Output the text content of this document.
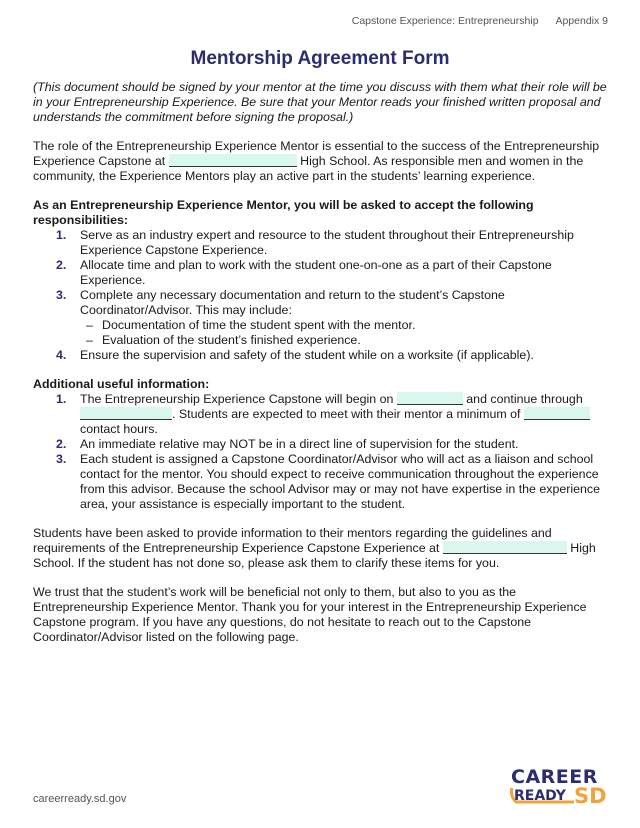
Capstone Experience: Entrepreneurship Appendix 9
Mentorship Agreement Form

(This document should be signed by your mentor at the time you discuss with them what their role will be in your Entrepreneurship Experience. Be sure that your Mentor reads your finished written proposal and understands the commitment before signing the proposal.)

The role of the Entrepreneurship Experience Mentor is essential to the success of the Entrepreneurship Experience Capstone at	High School. As responsible men and women in the community, the Experience Mentors play an active part in the students’ learning experience.

As an Entrepreneurship Experience Mentor, you will be asked to accept the following responsibilities:
1. Serve as an industry expert and resource to the student throughout their Entrepreneurship Experience Capstone Experience.
2. Allocate time and plan to work with the student one-on-one as a part of their Capstone Experience.
3. Complete any necessary documentation and return to the student’s Capstone Coordinator/Advisor. This may include:
– Documentation of time the student spent with the mentor.
– Evaluation of the student’s finished experience.
4. Ensure the supervision and safety of the student while on a worksite (if applicable).
Additional useful information:
1. The Entrepreneurship Experience Capstone will begin on	and continue through . Students are expected to meet with their mentor a minimum of contact hours.
2. An immediate relative may NOT be in a direct line of supervision for the student.
3. Each student is assigned a Capstone Coordinator/Advisor who will act as a liaison and school contact for the mentor. You should expect to receive communication throughout the experience from this advisor. Because the school Advisor may or may not have expertise in the experience area, your assistance is especially important to the student.

Students have been asked to provide information to their mentors regarding the guidelines and requirements of the Entrepreneurship Experience Capstone Experience at	High School. If the student has not done so, please ask them to clarify these items for you.

We trust that the student’s work will be beneficial not only to them, but also to you as the Entrepreneurship Experience Mentor. Thank you for your interest in the Entrepreneurship Experience Capstone program. If you have any questions, do not hesitate to reach out to the Capstone Coordinator/Advisor listed on the following page.

careerready.sd.gov
CAREER
READY SD
